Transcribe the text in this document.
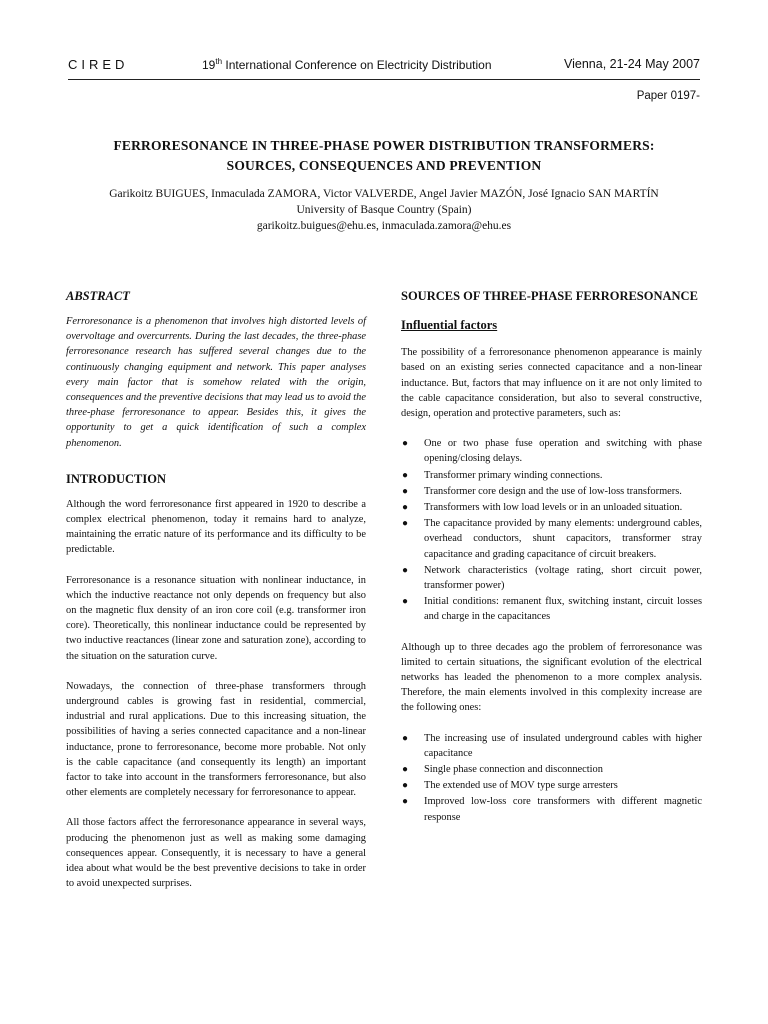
CIRED	19th International Conference on Electricity Distribution	Vienna, 21-24 May 2007
Paper 0197-
FERRORESONANCE IN THREE-PHASE POWER DISTRIBUTION TRANSFORMERS:
SOURCES, CONSEQUENCES AND PREVENTION
Garikoitz BUIGUES, Inmaculada ZAMORA, Victor VALVERDE, Angel Javier MAZÓN, José Ignacio SAN MARTÍN
University of Basque Country (Spain)
garikoitz.buigues@ehu.es, inmaculada.zamora@ehu.es
ABSTRACT

Ferroresonance is a phenomenon that involves high distorted levels of overvoltage and overcurrents. During the last decades, the three-phase ferroresonance research has suffered several changes due to the continuously changing equipment and network. This paper analyses every main factor that is somehow related with the origin, consequences and the preventive decisions that may lead us to avoid the three-phase ferroresonance to appear. Besides this, it gives the opportunity to get a quick identification of such a complex phenomenon.

INTRODUCTION

Although the word ferroresonance first appeared in 1920 to describe a complex electrical phenomenon, today it remains hard to analyze, maintaining the erratic nature of its performance and its difficulty to be predictable.

Ferroresonance is a resonance situation with nonlinear inductance, in which the inductive reactance not only depends on frequency but also on the magnetic flux density of an iron core coil (e.g. transformer iron core). Theoretically, this nonlinear inductance could be represented by two inductive reactances (linear zone and saturation zone), according to the situation on the saturation curve.

Nowadays, the connection of three-phase transformers through underground cables is growing fast in residential, commercial, industrial and rural applications. Due to this increasing situation, the possibilities of having a series connected capacitance and a non-linear inductance, prone to ferroresonance, become more probable. Not only is the cable capacitance (and consequently its length) an important factor to take into account in the transformers ferroresonance, but also other elements are completely necessary for ferroresonance to appear.

All those factors affect the ferroresonance appearance in several ways, producing the phenomenon just as well as making some damaging consequences appear. Consequently, it is necessary to have a general idea about what would be the best preventive decisions to take in order to avoid unexpected surprises.

SOURCES OF THREE-PHASE FERRORESONANCE
Influential factors

The possibility of a ferroresonance phenomenon appearance is mainly based on an existing series connected capacitance and a non-linear inductance. But, factors that may influence on it are not only limited to the cable capacitance consideration, but also to several constructive, design, operation and protective parameters, such as:

● One or two phase fuse operation and switching with phase opening/closing delays.
● Transformer primary winding connections.
● Transformer core design and the use of low-loss transformers.
● Transformers with low load levels or in an unloaded situation.
● The capacitance provided by many elements: underground cables, overhead conductors, shunt capacitors, transformer stray capacitance and grading capacitance of circuit breakers.
● Network characteristics (voltage rating, short circuit power, transformer power)
● Initial conditions: remanent flux, switching instant, circuit losses and charge in the capacitances

Although up to three decades ago the problem of ferroresonance was limited to certain situations, the significant evolution of the electrical networks has leaded the phenomenon to a more complex analysis. Therefore, the main elements involved in this complexity increase are the following ones:

● The increasing use of insulated underground cables with higher capacitance
● Single phase connection and disconnection
● The extended use of MOV type surge arresters
● Improved low-loss core transformers with different magnetic response
